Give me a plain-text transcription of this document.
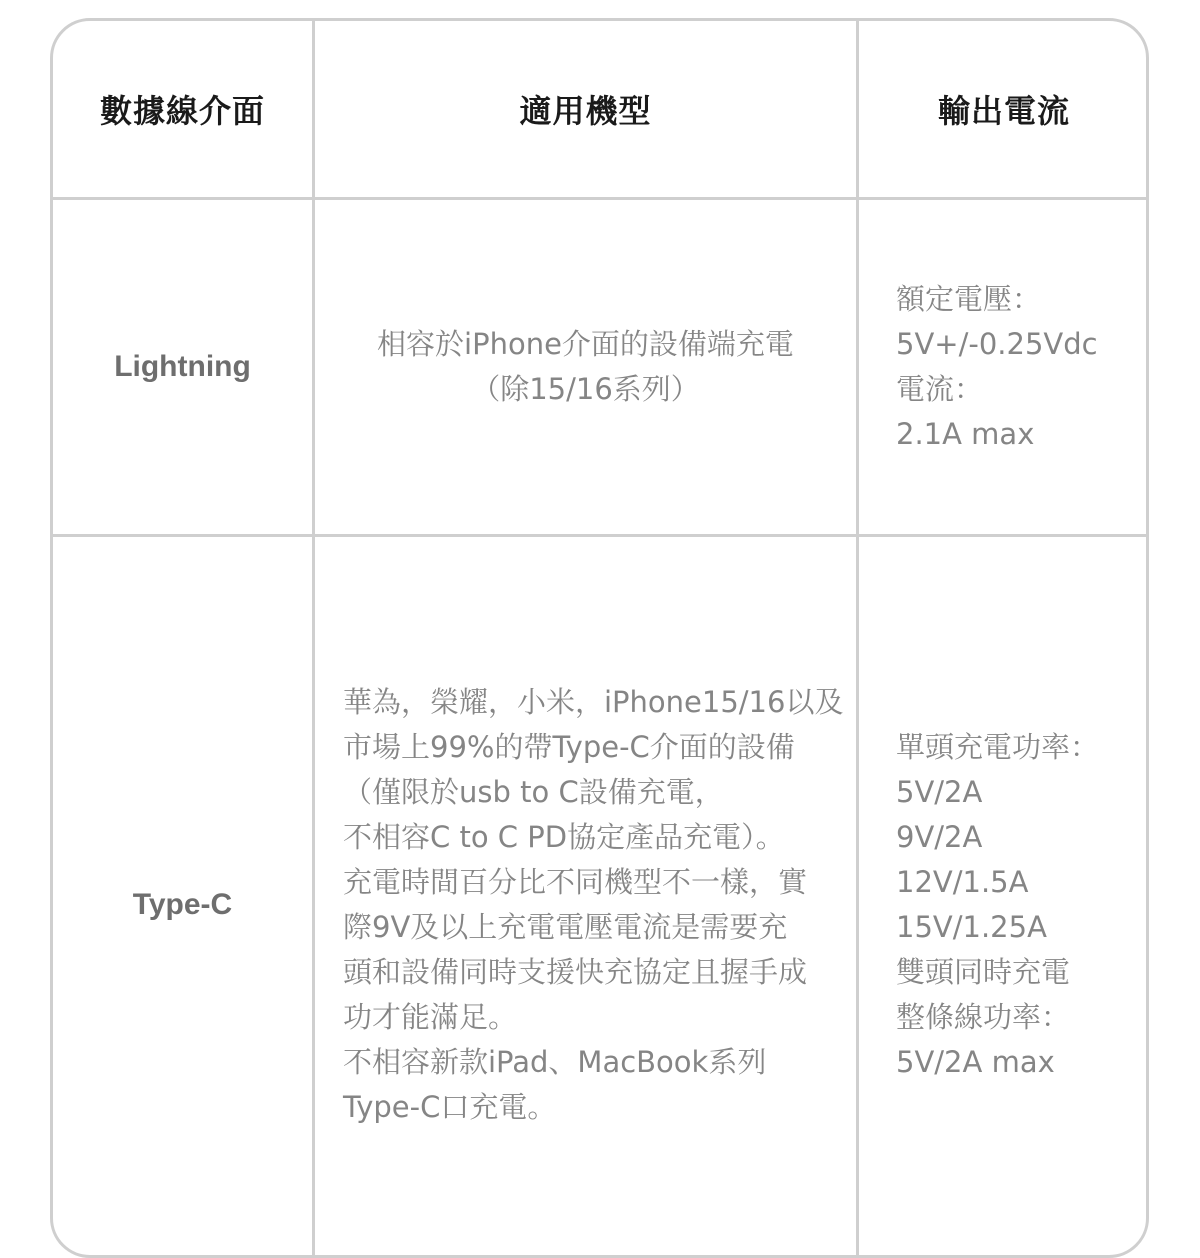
數據線介面	適用機型	輸出電流
Lightning
相容於iPhone介面的設備端充電
（除15/16系列）
額定電壓：
5V+/-0.25Vdc
電流：
2.1A max
Type-C
華為，榮耀，小米，iPhone15/16以及
市場上99%的帶Type-C介面的設備
（僅限於usb to C設備充電，
不相容C to C PD協定產品充電）。
充電時間百分比不同機型不一樣，實
際9V及以上充電電壓電流是需要充
頭和設備同時支援快充協定且握手成
功才能滿足。
不相容新款iPad、MacBook系列
Type-C口充電。
單頭充電功率：
5V/2A
9V/2A
12V/1.5A
15V/1.25A
雙頭同時充電
整條線功率：
5V/2A max
